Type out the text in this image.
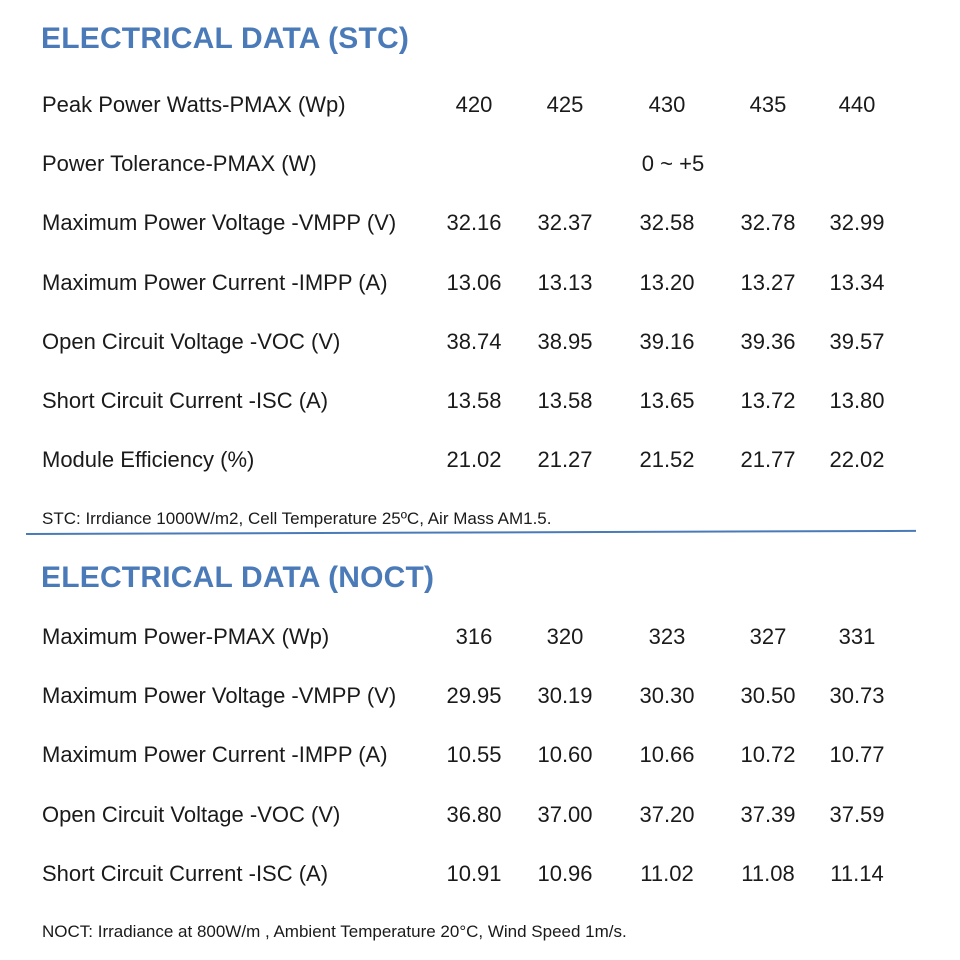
ELECTRICAL DATA (STC)
Peak Power Watts-PMAX (Wp)	420	425	430	435	440
Power Tolerance-PMAX (W)	0 ~ +5
Maximum Power Voltage -VMPP (V)	32.16	32.37	32.58	32.78	32.99
Maximum Power Current -IMPP (A)	13.06	13.13	13.20	13.27	13.34
Open Circuit Voltage -VOC (V)	38.74	38.95	39.16	39.36	39.57
Short Circuit Current -ISC (A)	13.58	13.58	13.65	13.72	13.80
Module Efficiency (%)	21.02	21.27	21.52	21.77	22.02
STC: Irrdiance 1000W/m2, Cell Temperature 25ºC, Air Mass AM1.5.
ELECTRICAL DATA (NOCT)
Maximum Power-PMAX (Wp)	316	320	323	327	331
Maximum Power Voltage -VMPP (V)	29.95	30.19	30.30	30.50	30.73
Maximum Power Current -IMPP (A)	10.55	10.60	10.66	10.72	10.77
Open Circuit Voltage -VOC (V)	36.80	37.00	37.20	37.39	37.59
Short Circuit Current -ISC (A)	10.91	10.96	11.02	11.08	11.14
NOCT: Irradiance at 800W/m , Ambient Temperature 20°C, Wind Speed 1m/s.
